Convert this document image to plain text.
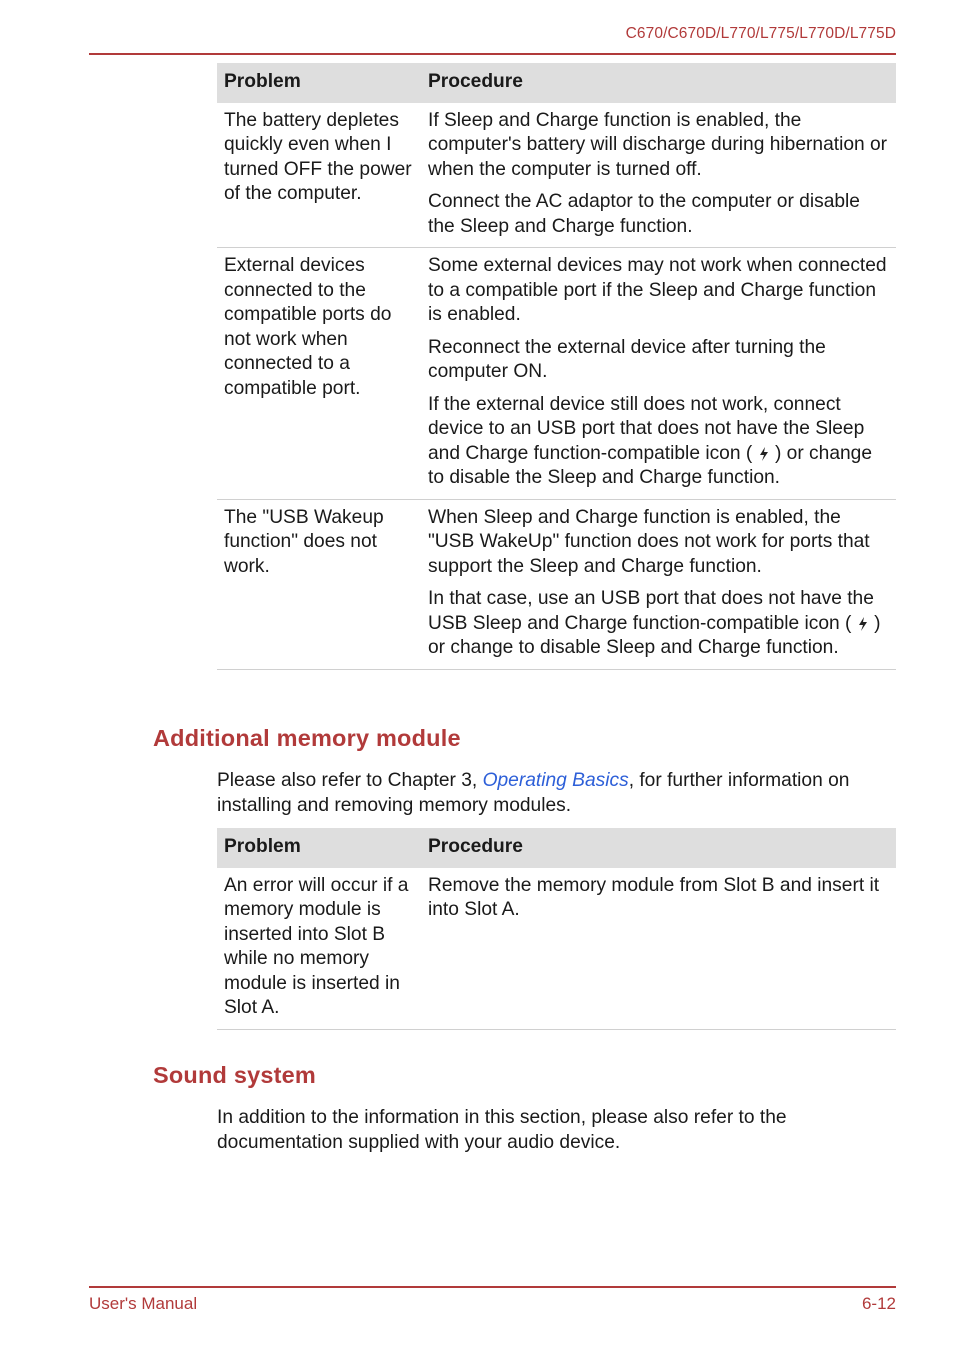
C670/C670D/L770/L775/L770D/L775D
Problem	Procedure
The battery depletes quickly even when I turned OFF the power of the computer.	If Sleep and Charge function is enabled, the computer's battery will discharge during hibernation or when the computer is turned off.

Connect the AC adaptor to the computer or disable the Sleep and Charge function.

External devices connected to the compatible ports do not work when connected to a compatible port.	Some external devices may not work when connected to a compatible port if the Sleep and Charge function is enabled.

Reconnect the external device after turning the computer ON.

If the external device still does not work, connect device to an USB port that does not have the Sleep and Charge function-compatible icon ( ) or change to disable the Sleep and Charge function.

The "USB Wakeup function" does not work.	When Sleep and Charge function is enabled, the "USB WakeUp" function does not work for ports that support the Sleep and Charge function.

In that case, use an USB port that does not have the USB Sleep and Charge function-compatible icon ( ) or change to disable Sleep and Charge function.

Additional memory module
Please also refer to Chapter 3, Operating Basics, for further information on installing and removing memory modules.
Problem	Procedure
An error will occur if a memory module is inserted into Slot B while no memory module is inserted in Slot A.	Remove the memory module from Slot B and insert it into Slot A.

Sound system
In addition to the information in this section, please also refer to the documentation supplied with your audio device.
User's Manual	6-12
